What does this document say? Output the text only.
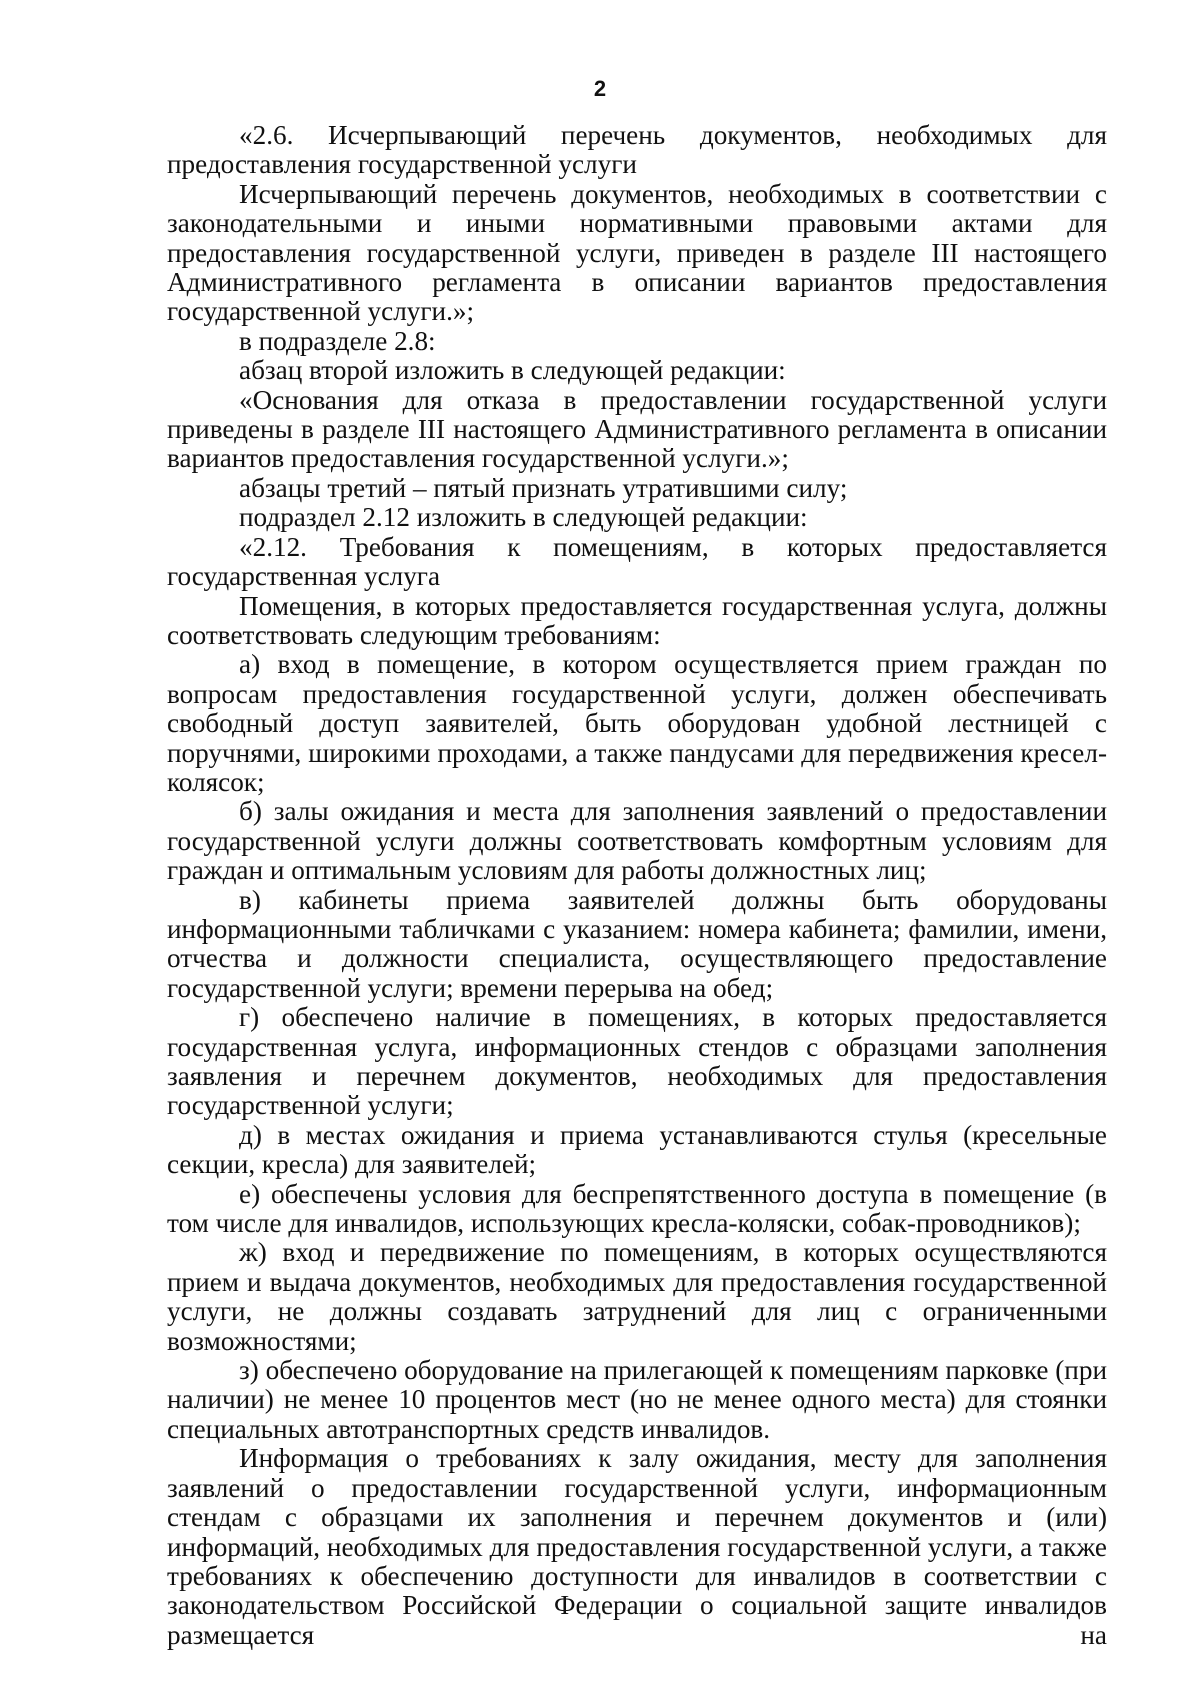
2

«2.6. Исчерпывающий перечень документов, необходимых для предоставления государственной услуги

Исчерпывающий перечень документов, необходимых в соответствии с законодательными и иными нормативными правовыми актами для предоставления государственной услуги, приведен в разделе III настоящего Административного регламента в описании вариантов предоставления государственной услуги.»;

в подразделе 2.8:

абзац второй изложить в следующей редакции:

«Основания для отказа в предоставлении государственной услуги приведены в разделе III настоящего Административного регламента в описании вариантов предоставления государственной услуги.»;

абзацы третий – пятый признать утратившими силу;

подраздел 2.12 изложить в следующей редакции:

«2.12. Требования к помещениям, в которых предоставляется государственная услуга

Помещения, в которых предоставляется государственная услуга, должны соответствовать следующим требованиям:

а) вход в помещение, в котором осуществляется прием граждан по вопросам предоставления государственной услуги, должен обеспечивать свободный доступ заявителей, быть оборудован удобной лестницей с поручнями, широкими проходами, а также пандусами для передвижения кресел-колясок;

б) залы ожидания и места для заполнения заявлений о предоставлении государственной услуги должны соответствовать комфортным условиям для граждан и оптимальным условиям для работы должностных лиц;

в) кабинеты приема заявителей должны быть оборудованы информационными табличками с указанием: номера кабинета; фамилии, имени, отчества и должности специалиста, осуществляющего предоставление государственной услуги; времени перерыва на обед;

г) обеспечено наличие в помещениях, в которых предоставляется государственная услуга, информационных стендов с образцами заполнения заявления и перечнем документов, необходимых для предоставления государственной услуги;

д) в местах ожидания и приема устанавливаются стулья (кресельные секции, кресла) для заявителей;

е) обеспечены условия для беспрепятственного доступа в помещение (в том числе для инвалидов, использующих кресла-коляски, собак-проводников);

ж) вход и передвижение по помещениям, в которых осуществляются прием и выдача документов, необходимых для предоставления государственной услуги, не должны создавать затруднений для лиц с ограниченными возможностями;

з) обеспечено оборудование на прилегающей к помещениям парковке (при наличии) не менее 10 процентов мест (но не менее одного места) для стоянки специальных автотранспортных средств инвалидов.

Информация о требованиях к залу ожидания, месту для заполнения заявлений о предоставлении государственной услуги, информационным стендам с образцами их заполнения и перечнем документов и (или) информаций, необходимых для предоставления государственной услуги, а также требованиях к обеспечению доступности для инвалидов в соответствии с законодательством Российской Федерации о социальной защите инвалидов размещается на
